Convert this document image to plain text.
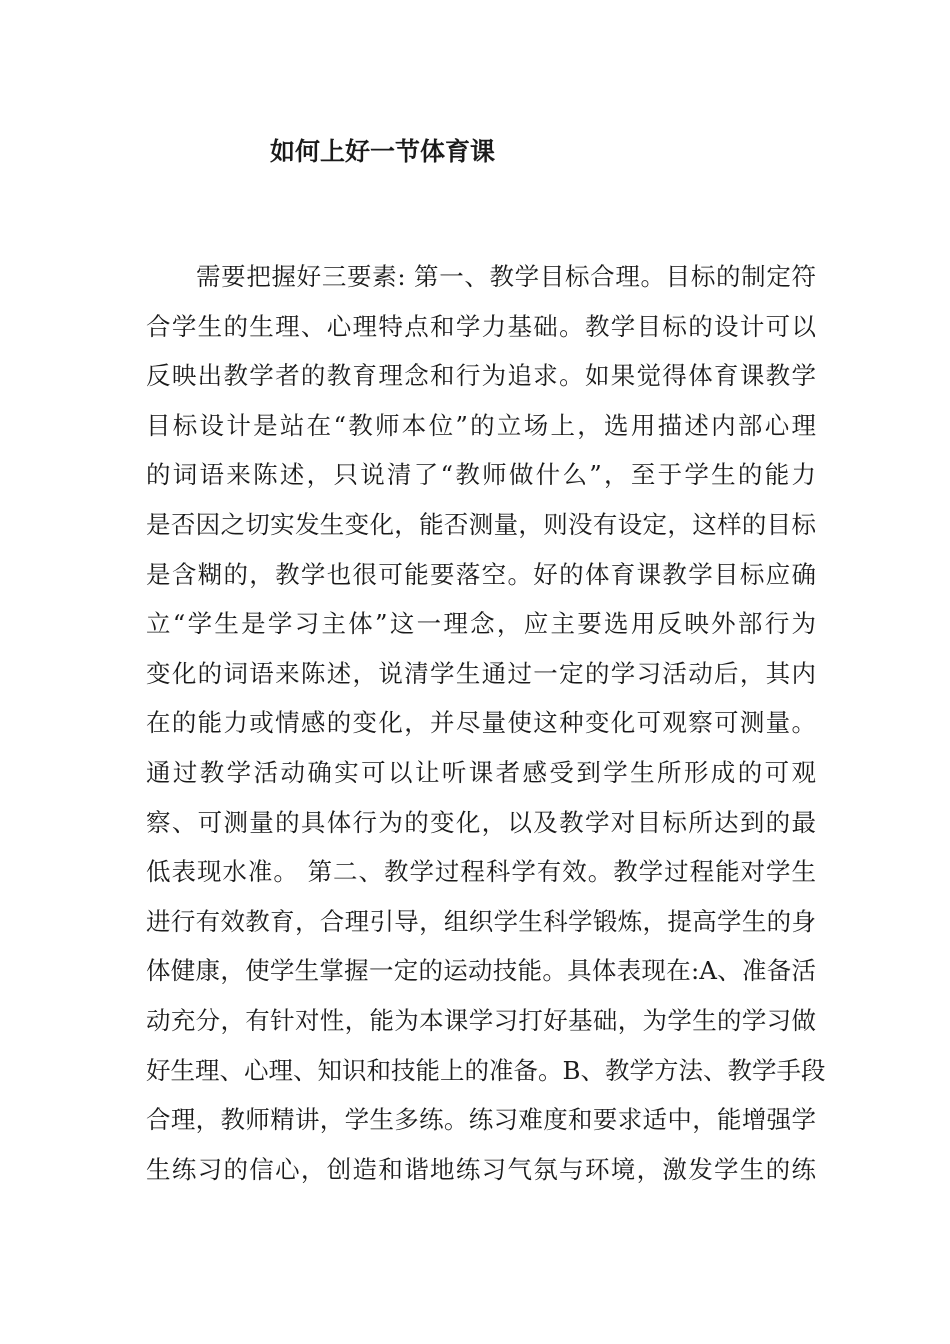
如何上好一节体育课
需要把握好三要素: 第一、教学目标合理。目标的制定符
合学生的生理、心理特点和学力基础。教学目标的设计可以
反映出教学者的教育理念和行为追求。如果觉得体育课教学
目标设计是站在“教师本位”的立场上，选用描述内部心理
的词语来陈述，只说清了“教师做什么”，至于学生的能力
是否因之切实发生变化，能否测量，则没有设定，这样的目标
是含糊的，教学也很可能要落空。好的体育课教学目标应确
立“学生是学习主体”这一理念，应主要选用反映外部行为
变化的词语来陈述，说清学生通过一定的学习活动后，其内
在的能力或情感的变化，并尽量使这种变化可观察可测量。
通过教学活动确实可以让听课者感受到学生所形成的可观
察、可测量的具体行为的变化，以及教学对目标所达到的最
低表现水准。 第二、教学过程科学有效。教学过程能对学生
进行有效教育，合理引导，组织学生科学锻炼，提高学生的身
体健康，使学生掌握一定的运动技能。具体表现在:A、准备活
动充分，有针对性，能为本课学习打好基础，为学生的学习做
好生理、心理、知识和技能上的准备。B、教学方法、教学手段
合理，教师精讲，学生多练。练习难度和要求适中，能增强学
生练习的信心，创造和谐地练习气氛与环境，激发学生的练
